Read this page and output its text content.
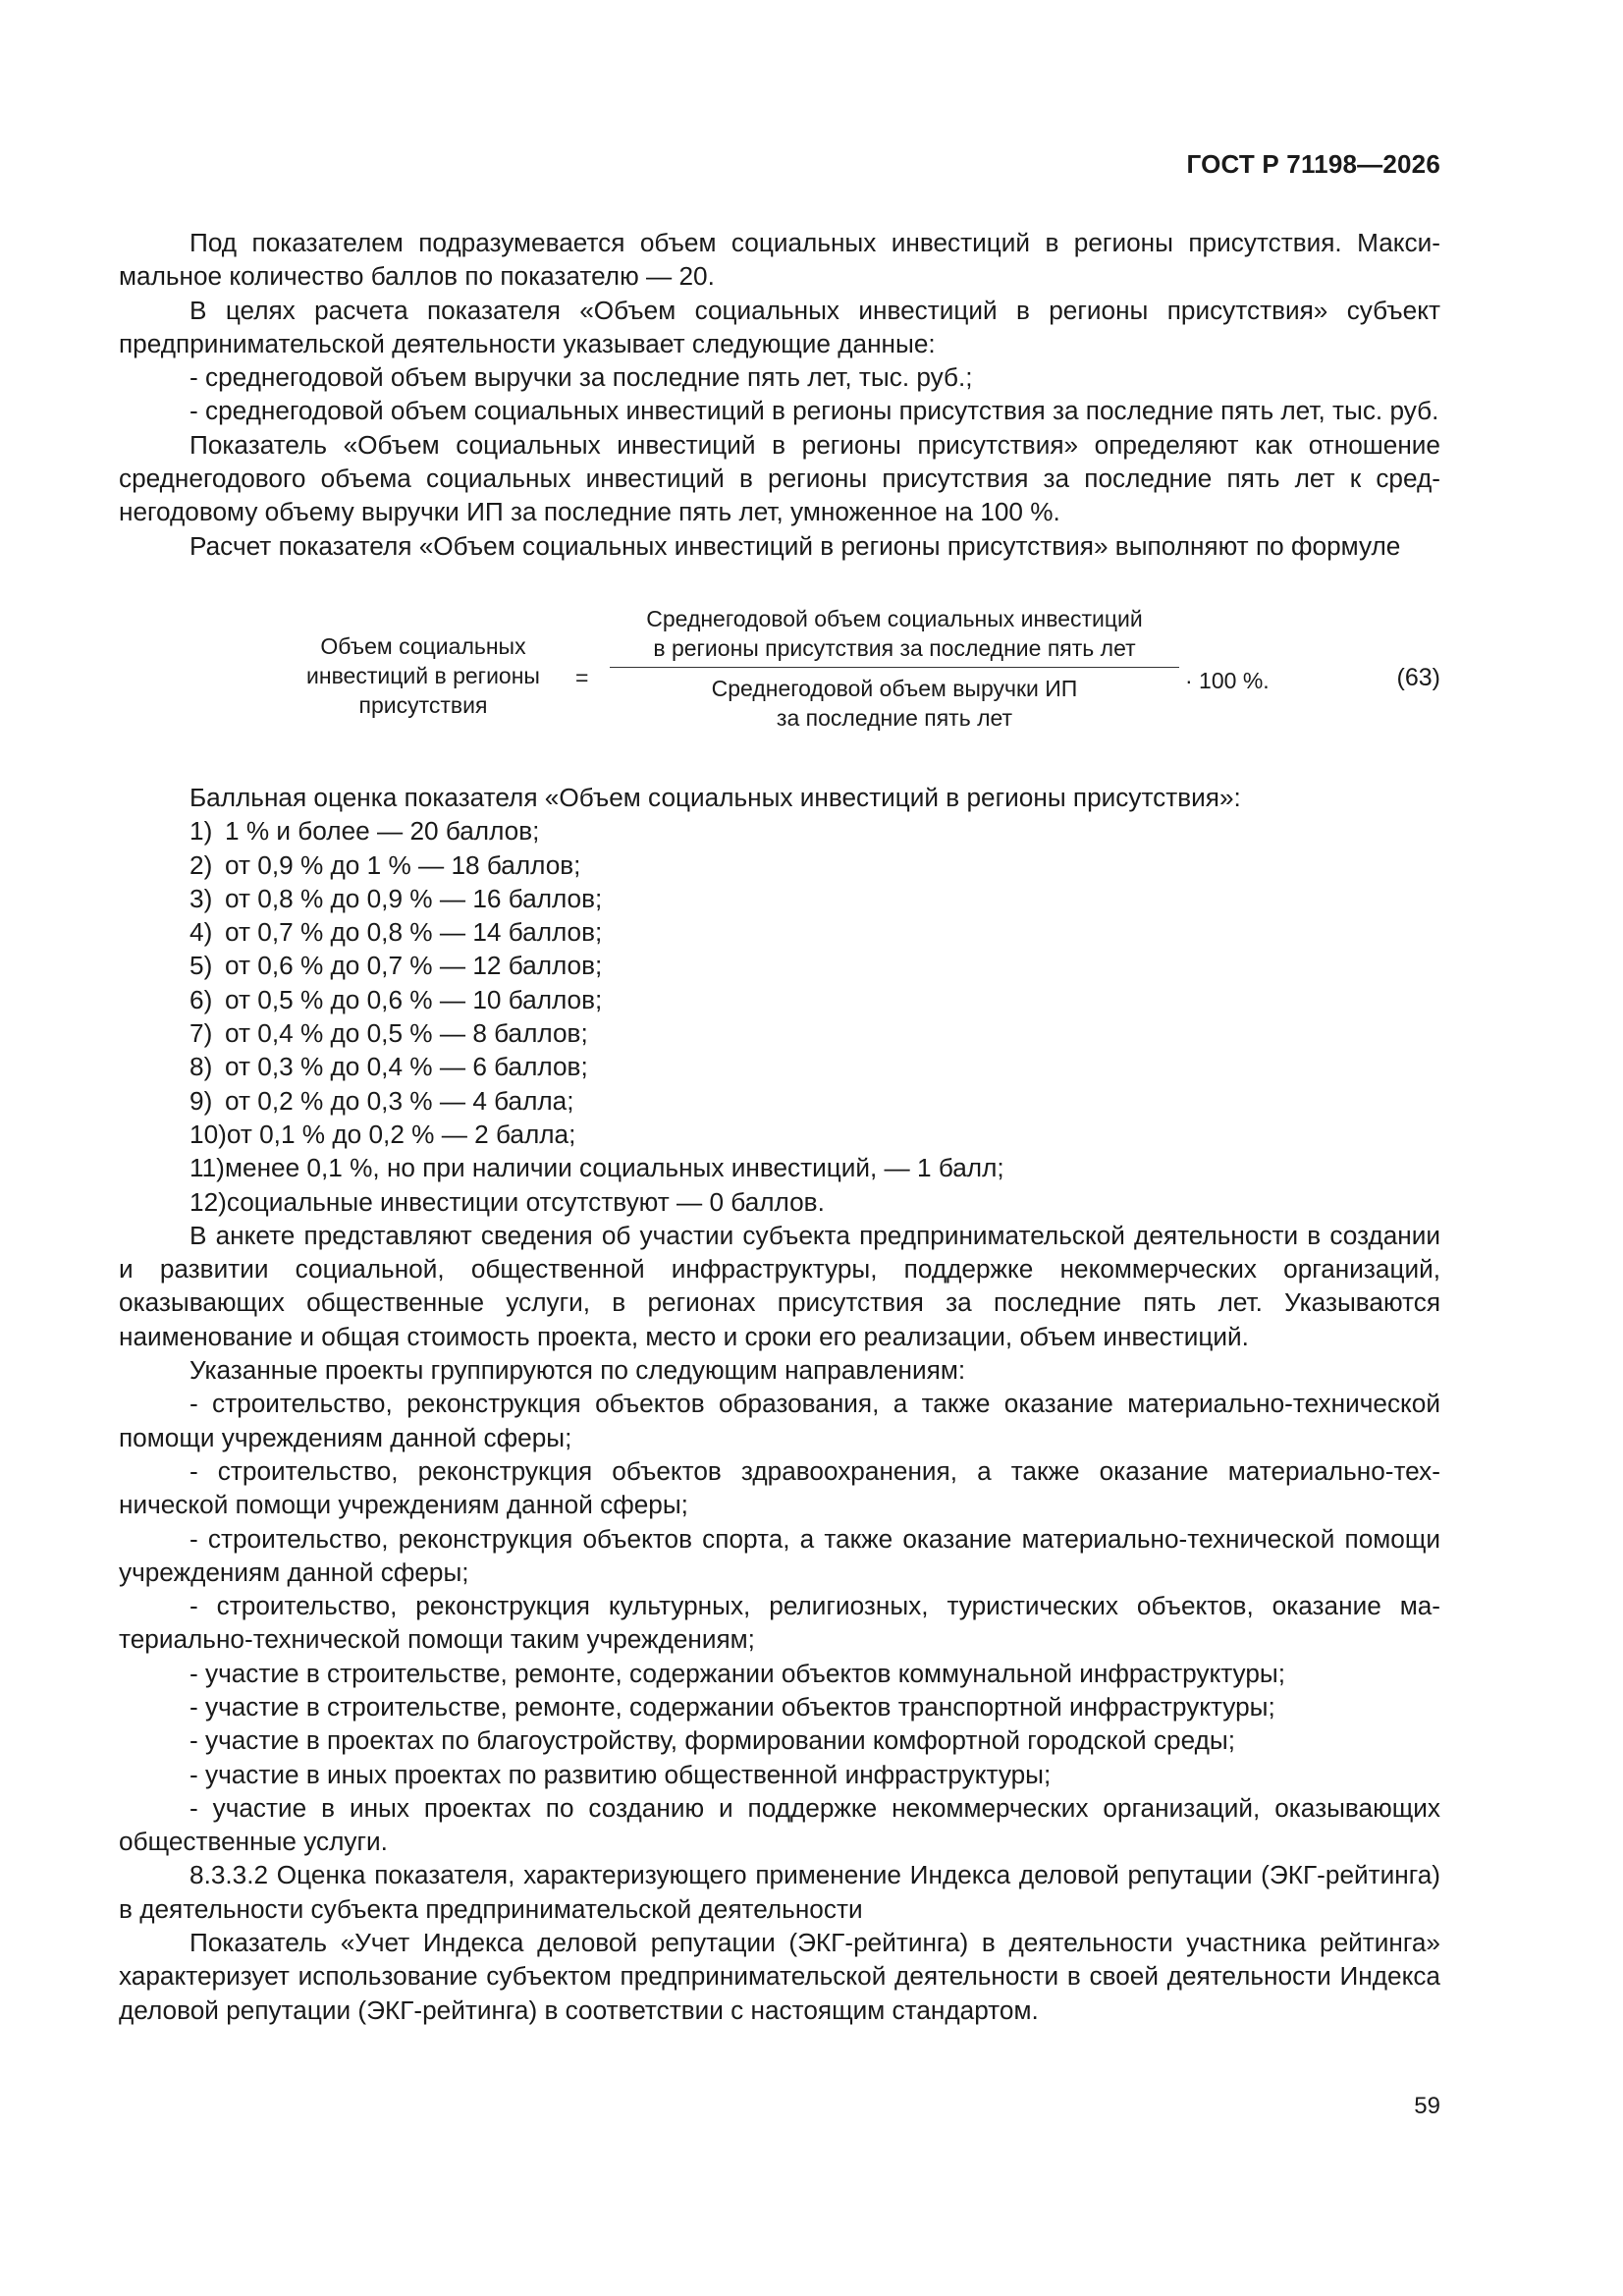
ГОСТ Р 71198—2026

Под показателем подразумевается объем социальных инвестиций в регионы присутствия. Максимальное количество баллов по показателю — 20.

В целях расчета показателя «Объем социальных инвестиций в регионы присутствия» субъект предпринимательской деятельности указывает следующие данные:

- среднегодовой объем выручки за последние пять лет, тыс. руб.;

- среднегодовой объем социальных инвестиций в регионы присутствия за последние пять лет, тыс. руб.

Показатель «Объем социальных инвестиций в регионы присутствия» определяют как отношение среднегодового объема социальных инвестиций в регионы присутствия за последние пять лет к среднегодовому объему выручки ИП за последние пять лет, умноженное на 100 %.

Расчет показателя «Объем социальных инвестиций в регионы присутствия» выполняют по формуле

Объем социальных
инвестиций в регионы
присутствия
=
Среднегодовой объем социальных инвестиций
в регионы присутствия за последние пять лет
Среднегодовой объем выручки ИП
за последние пять лет
· 100 %.	(63)

Балльная оценка показателя «Объем социальных инвестиций в регионы присутствия»:

1) 1 % и более — 20 баллов;

2) от 0,9 % до 1 % — 18 баллов;

3) от 0,8 % до 0,9 % — 16 баллов;

4) от 0,7 % до 0,8 % — 14 баллов;

5) от 0,6 % до 0,7 % — 12 баллов;

6) от 0,5 % до 0,6 % — 10 баллов;

7) от 0,4 % до 0,5 % — 8 баллов;

8) от 0,3 % до 0,4 % — 6 баллов;

9) от 0,2 % до 0,3 % — 4 балла;

10)от 0,1 % до 0,2 % — 2 балла;

11)менее 0,1 %, но при наличии социальных инвестиций, — 1 балл;

12)социальные инвестиции отсутствуют — 0 баллов.

В анкете представляют сведения об участии субъекта предпринимательской деятельности в создании и развитии социальной, общественной инфраструктуры, поддержке некоммерческих организаций, оказывающих общественные услуги, в регионах присутствия за последние пять лет. Указываются наименование и общая стоимость проекта, место и сроки его реализации, объем инвестиций.

Указанные проекты группируются по следующим направлениям:

- строительство, реконструкция объектов образования, а также оказание материально-технической помощи учреждениям данной сферы;

- строительство, реконструкция объектов здравоохранения, а также оказание материально-технической помощи учреждениям данной сферы;

- строительство, реконструкция объектов спорта, а также оказание материально-технической помощи учреждениям данной сферы;

- строительство, реконструкция культурных, религиозных, туристических объектов, оказание материально-технической помощи таким учреждениям;

- участие в строительстве, ремонте, содержании объектов коммунальной инфраструктуры;

- участие в строительстве, ремонте, содержании объектов транспортной инфраструктуры;

- участие в проектах по благоустройству, формировании комфортной городской среды;

- участие в иных проектах по развитию общественной инфраструктуры;

- участие в иных проектах по созданию и поддержке некоммерческих организаций, оказывающих общественные услуги.

8.3.3.2 Оценка показателя, характеризующего применение Индекса деловой репутации (ЭКГ-рейтинга) в деятельности субъекта предпринимательской деятельности

Показатель «Учет Индекса деловой репутации (ЭКГ-рейтинга) в деятельности участника рейтинга» характеризует использование субъектом предпринимательской деятельности в своей деятельности Индекса деловой репутации (ЭКГ-рейтинга) в соответствии с настоящим стандартом.

59
